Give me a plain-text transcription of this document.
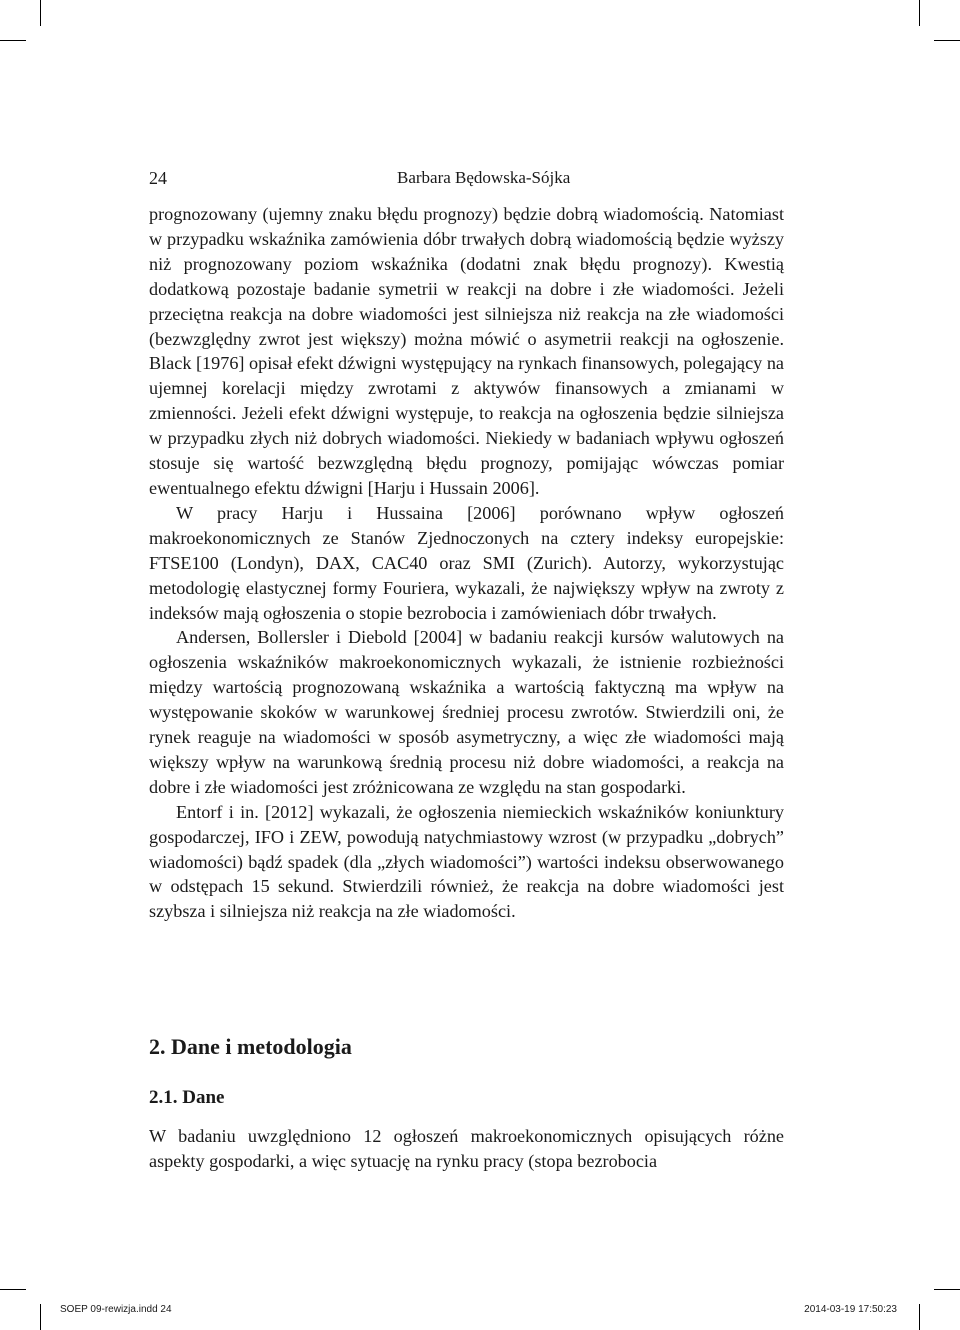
24	Barbara Będowska-Sójka

prognozowany (ujemny znaku błędu prognozy) będzie dobrą wiadomością. Natomiast w przypadku wskaźnika zamówienia dóbr trwałych dobrą wiadomością będzie wyższy niż prognozowany poziom wskaźnika (dodatni znak błędu prognozy). Kwestią dodatkową pozostaje badanie symetrii w reakcji na dobre i złe wiadomości. Jeżeli przeciętna reakcja na dobre wiadomości jest silniejsza niż reakcja na złe wiadomości (bezwzględny zwrot jest większy) można mówić o asymetrii reakcji na ogłoszenie. Black [1976] opisał efekt dźwigni występujący na rynkach finansowych, polegający na ujemnej korelacji między zwrotami z aktywów finansowych a zmianami w zmienności. Jeżeli efekt dźwigni występuje, to reakcja na ogłoszenia będzie silniejsza w przypadku złych niż dobrych wiadomości. Niekiedy w badaniach wpływu ogłoszeń stosuje się wartość bezwzględną błędu prognozy, pomijając wówczas pomiar ewentualnego efektu dźwigni [Harju i Hussain 2006].

W pracy Harju i Hussaina [2006] porównano wpływ ogłoszeń makroekonomicznych ze Stanów Zjednoczonych na cztery indeksy europejskie: FTSE100 (Londyn), DAX, CAC40 oraz SMI (Zurich). Autorzy, wykorzystując metodologię elastycznej formy Fouriera, wykazali, że największy wpływ na zwroty z indeksów mają ogłoszenia o stopie bezrobocia i zamówieniach dóbr trwałych.

Andersen, Bollersler i Diebold [2004] w badaniu reakcji kursów walutowych na ogłoszenia wskaźników makroekonomicznych wykazali, że istnienie rozbieżności między wartością prognozowaną wskaźnika a wartością faktyczną ma wpływ na występowanie skoków w warunkowej średniej procesu zwrotów. Stwierdzili oni, że rynek reaguje na wiadomości w sposób asymetryczny, a więc złe wiadomości mają większy wpływ na warunkową średnią procesu niż dobre wiadomości, a reakcja na dobre i złe wiadomości jest zróżnicowana ze względu na stan gospodarki.

Entorf i in. [2012] wykazali, że ogłoszenia niemieckich wskaźników koniunktury gospodarczej, IFO i ZEW, powodują natychmiastowy wzrost (w przypadku „dobrych” wiadomości) bądź spadek (dla „złych wiadomości”) wartości indeksu obserwowanego w odstępach 15 sekund. Stwierdzili również, że reakcja na dobre wiadomości jest szybsza i silniejsza niż reakcja na złe wiadomości.

2. Dane i metodologia
2.1. Dane

W badaniu uwzględniono 12 ogłoszeń makroekonomicznych opisujących różne aspekty gospodarki, a więc sytuację na rynku pracy (stopa bezrobocia

SOEP 09-rewizja.indd 24	2014-03-19 17:50:23
